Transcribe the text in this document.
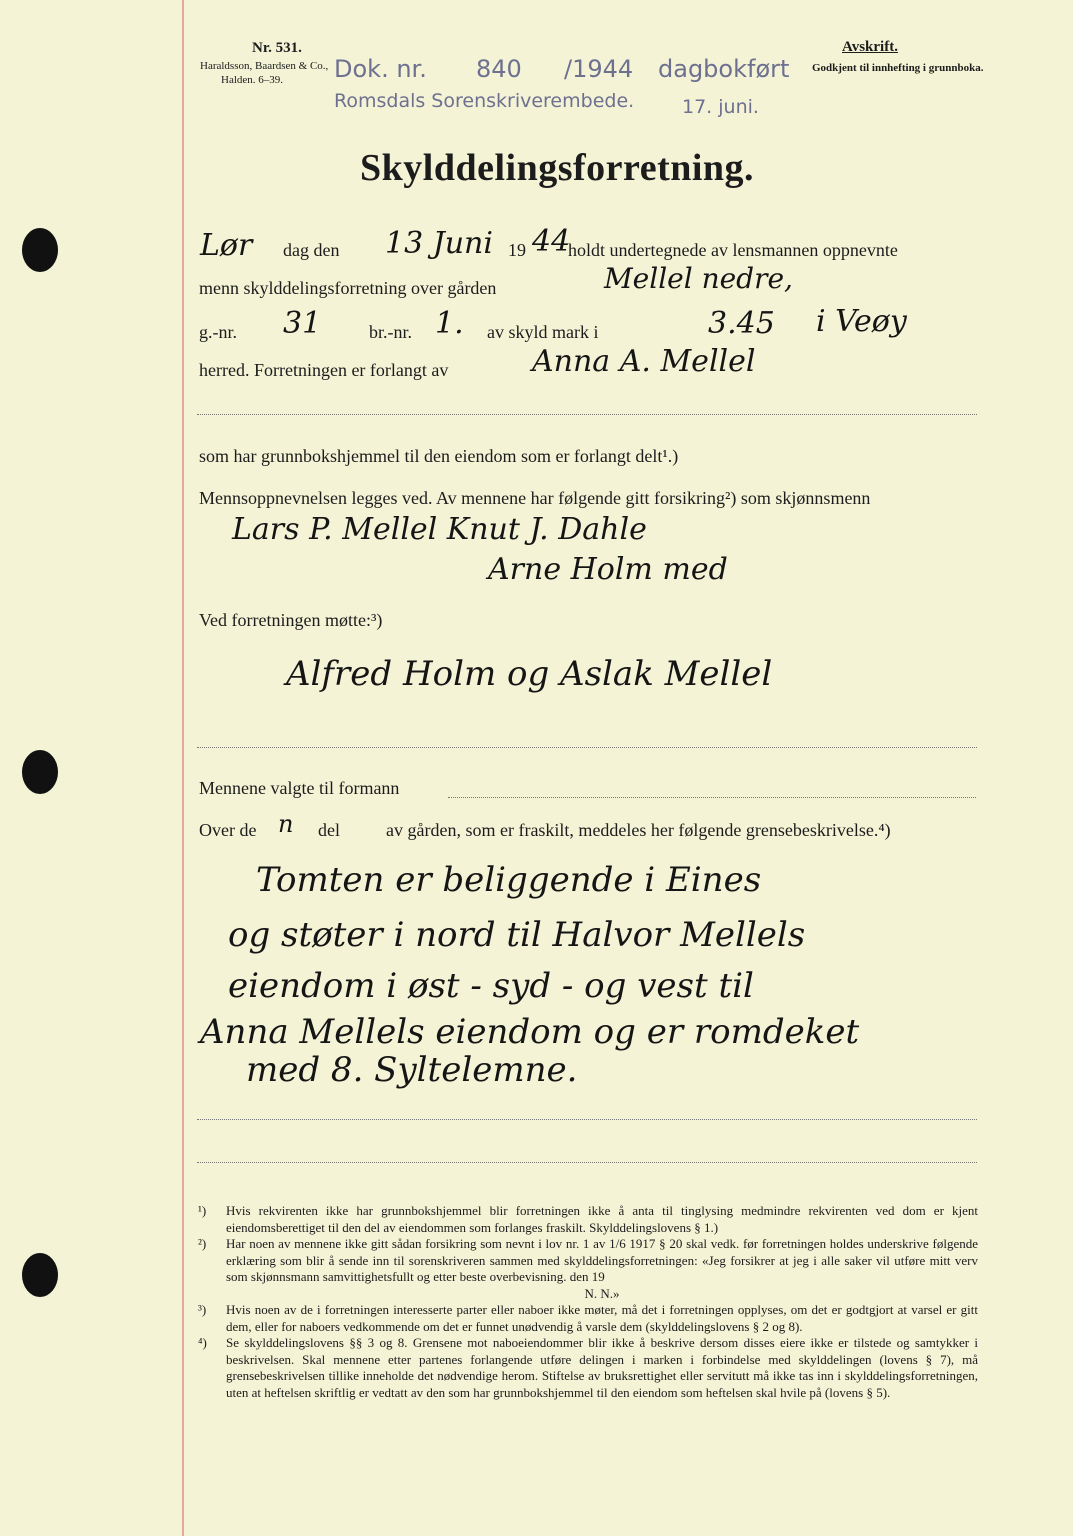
Nr. 531.
Haraldsson, Baardsen & Co.,
Halden. 6–39.
Avskrift.
Godkjent til innhefting i grunnboka.
Dok. nr. 840 /1944 dagbokført
Romsdals Sorenskriverembede.	17. juni.
Skylddelingsforretning.
Lør dag den 13 Juni 19 44
holdt undertegnede av lensmannen oppnevnte
menn skylddelingsforretning over gården	Mellel nedre,
g.-nr. 31	br.-nr. 1. av skyld mark i	3.45 i Veøy
herred. Forretningen er forlangt av	Anna A. Mellel
som har grunnbokshjemmel til den eiendom som er forlangt delt¹.)
Mennsoppnevnelsen legges ved. Av mennene har følgende gitt forsikring²) som skjønnsmenn
Lars P. Mellel Knut J. Dahle
Arne Holm med
Ved forretningen møtte:³)
Alfred Holm og Aslak Mellel
Mennene valgte til formann
Over de n del	av gården, som er fraskilt, meddeles her følgende grensebeskrivelse.⁴)
Tomten er beliggende i Eines
og støter i nord til Halvor Mellels
eiendom i øst - syd - og vest til
Anna Mellels eiendom og er romdeket
med 8. Syltelemne.
¹)	Hvis rekvirenten ikke har grunnbokshjemmel blir forretningen ikke å anta til tinglysing medmindre rekvirenten ved dom er kjent eiendomsberettiget til den del av eiendommen som forlanges fraskilt. Skylddelingslovens § 1.)
²)	Har noen av mennene ikke gitt sådan forsikring som nevnt i lov nr. 1 av 1/6 1917 § 20 skal vedk. før forretningen holdes underskrive følgende erklæring som blir å sende inn til sorenskriveren sammen med skylddelingsforretningen: «Jeg forsikrer at jeg i alle saker vil utføre mitt verv som skjønnsmann samvittighetsfullt og etter beste overbevisning. den 19
N. N.»
³)	Hvis noen av de i forretningen interesserte parter eller naboer ikke møter, må det i forretningen opplyses, om det er godtgjort at varsel er gitt dem, eller for naboers vedkommende om det er funnet unødvendig å varsle dem (skylddelingslovens § 2 og 8).
⁴)	Se skylddelingslovens §§ 3 og 8. Grensene mot naboeiendommer blir ikke å beskrive dersom disses eiere ikke er tilstede og samtykker i beskrivelsen. Skal mennene etter partenes forlangende utføre delingen i marken i forbindelse med skylddelingen (lovens § 7), må grensebeskrivelsen tillike inneholde det nødvendige herom. Stiftelse av bruksrettighet eller servitutt må ikke tas inn i skylddelingsforretningen, uten at heftelsen skriftlig er vedtatt av den som har grunnbokshjemmel til den eiendom som heftelsen skal hvile på (lovens § 5).
